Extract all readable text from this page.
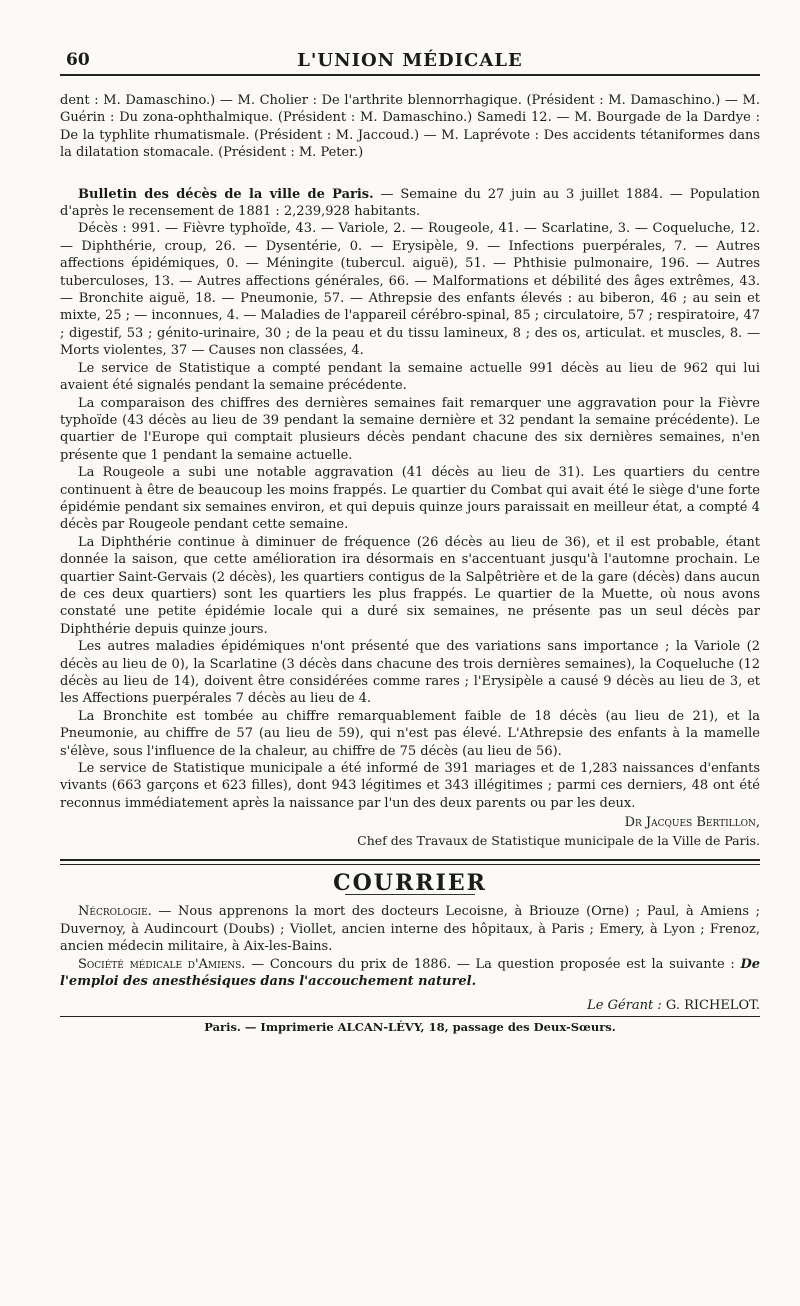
60	L'UNION MÉDICALE

dent : M. Damaschino.) — M. Cholier : De l'arthrite blennorrhagique. (Président : M. Damaschino.) — M. Guérin : Du zona-ophthalmique. (Président : M. Damaschino.) Samedi 12. — M. Bourgade de la Dardye : De la typhlite rhumatismale. (Président : M. Jaccoud.) — M. Laprévote : Des accidents tétaniformes dans la dilatation stomacale. (Président : M. Peter.)

Bulletin des décès de la ville de Paris. — Semaine du 27 juin au 3 juillet 1884. — Population d'après le recensement de 1881 : 2,239,928 habitants.

Décès : 991. — Fièvre typhoïde, 43. — Variole, 2. — Rougeole, 41. — Scarlatine, 3. — Coqueluche, 12. — Diphthérie, croup, 26. — Dysentérie, 0. — Erysipèle, 9. — Infections puerpérales, 7. — Autres affections épidémiques, 0. — Méningite (tubercul. aiguë), 51. — Phthisie pulmonaire, 196. — Autres tuberculoses, 13. — Autres affections générales, 66. — Malformations et débilité des âges extrêmes, 43. — Bronchite aiguë, 18. — Pneumonie, 57. — Athrepsie des enfants élevés : au biberon, 46 ; au sein et mixte, 25 ; — inconnues, 4. — Maladies de l'appareil cérébro-spinal, 85 ; circulatoire, 57 ; respiratoire, 47 ; digestif, 53 ; génito-urinaire, 30 ; de la peau et du tissu lamineux, 8 ; des os, articulat. et muscles, 8. — Morts violentes, 37 — Causes non classées, 4.

Le service de Statistique a compté pendant la semaine actuelle 991 décès au lieu de 962 qui lui avaient été signalés pendant la semaine précédente.

La comparaison des chiffres des dernières semaines fait remarquer une aggravation pour la Fièvre typhoïde (43 décès au lieu de 39 pendant la semaine dernière et 32 pendant la semaine précédente). Le quartier de l'Europe qui comptait plusieurs décès pendant chacune des six dernières semaines, n'en présente que 1 pendant la semaine actuelle.

La Rougeole a subi une notable aggravation (41 décès au lieu de 31). Les quartiers du centre continuent à être de beaucoup les moins frappés. Le quartier du Combat qui avait été le siège d'une forte épidémie pendant six semaines environ, et qui depuis quinze jours paraissait en meilleur état, a compté 4 décès par Rougeole pendant cette semaine.

La Diphthérie continue à diminuer de fréquence (26 décès au lieu de 36), et il est probable, étant donnée la saison, que cette amélioration ira désormais en s'accentuant jusqu'à l'automne prochain. Le quartier Saint-Gervais (2 décès), les quartiers contigus de la Salpêtrière et de la gare (décès) dans aucun de ces deux quartiers) sont les quartiers les plus frappés. Le quartier de la Muette, où nous avons constaté une petite épidémie locale qui a duré six semaines, ne présente pas un seul décès par Diphthérie depuis quinze jours.

Les autres maladies épidémiques n'ont présenté que des variations sans importance ; la Variole (2 décès au lieu de 0), la Scarlatine (3 décès dans chacune des trois dernières semaines), la Coqueluche (12 décès au lieu de 14), doivent être considérées comme rares ; l'Erysipèle a causé 9 décès au lieu de 3, et les Affections puerpérales 7 décès au lieu de 4.

La Bronchite est tombée au chiffre remarquablement faible de 18 décès (au lieu de 21), et la Pneumonie, au chiffre de 57 (au lieu de 59), qui n'est pas élevé. L'Athrepsie des enfants à la mamelle s'élève, sous l'influence de la chaleur, au chiffre de 75 décès (au lieu de 56).

Le service de Statistique municipale a été informé de 391 mariages et de 1,283 naissances d'enfants vivants (663 garçons et 623 filles), dont 943 légitimes et 343 illégitimes ; parmi ces derniers, 48 ont été reconnus immédiatement après la naissance par l'un des deux parents ou par les deux.

Dr Jacques Bertillon,
Chef des Travaux de Statistique municipale de la Ville de Paris.
COURRIER

Nécrologie. — Nous apprenons la mort des docteurs Lecoisne, à Briouze (Orne) ; Paul, à Amiens ; Duvernoy, à Audincourt (Doubs) ; Viollet, ancien interne des hôpitaux, à Paris ; Emery, à Lyon ; Frenoz, ancien médecin militaire, à Aix-les-Bains.

Société médicale d'Amiens. — Concours du prix de 1886. — La question proposée est la suivante : De l'emploi des anesthésiques dans l'accouchement naturel.

Le Gérant : G. RICHELOT.
Paris. — Imprimerie ALCAN-LÉVY, 18, passage des Deux-Sœurs.
